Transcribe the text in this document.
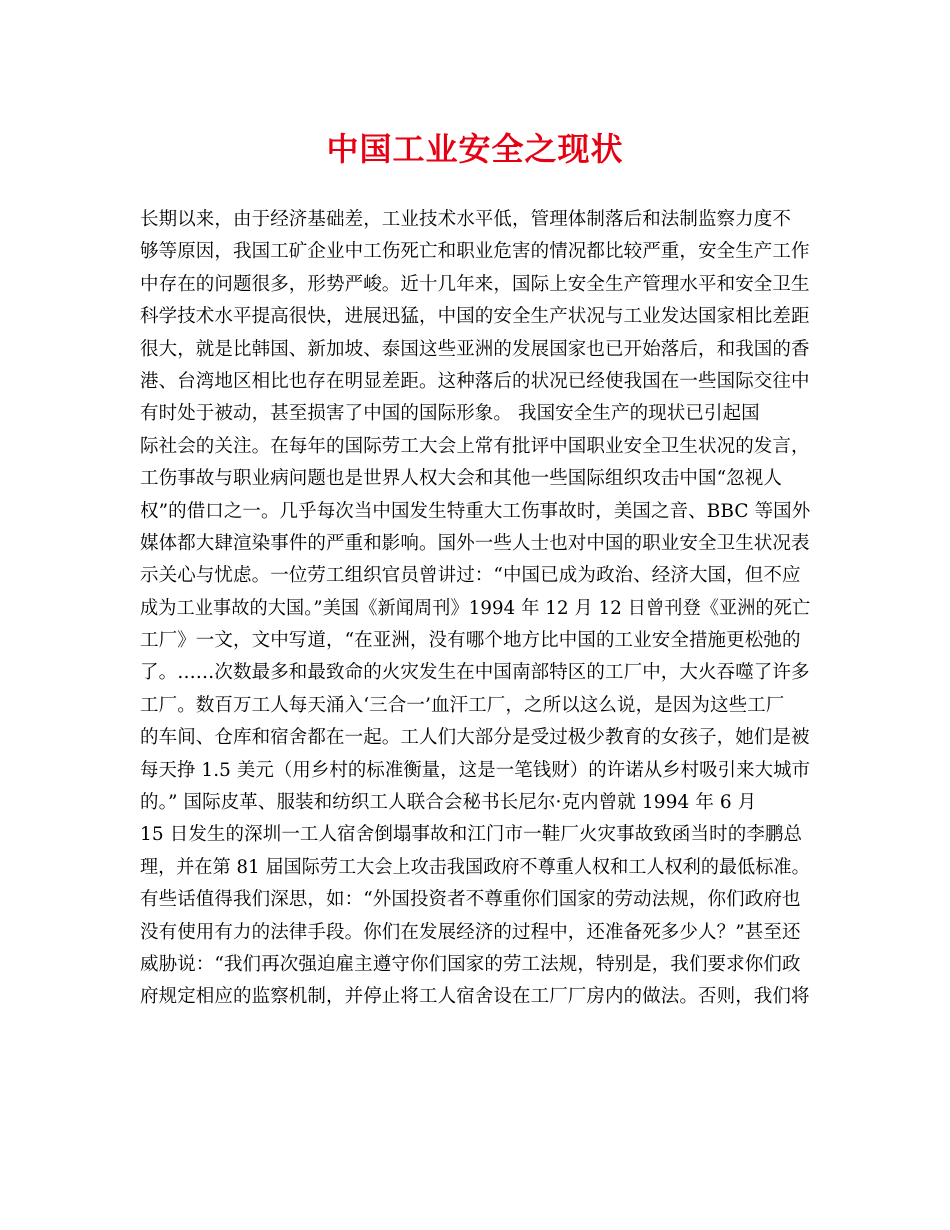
中国工业安全之现状
长期以来，由于经济基础差，工业技术水平低，管理体制落后和法制监察力度不
够等原因，我国工矿企业中工伤死亡和职业危害的情况都比较严重，安全生产工作
中存在的问题很多，形势严峻。近十几年来，国际上安全生产管理水平和安全卫生
科学技术水平提高很快，进展迅猛，中国的安全生产状况与工业发达国家相比差距
很大，就是比韩国、新加坡、泰国这些亚洲的发展国家也已开始落后，和我国的香
港、台湾地区相比也存在明显差距。这种落后的状况已经使我国在一些国际交往中
有时处于被动，甚至损害了中国的国际形象。 我国安全生产的现状已引起国
际社会的关注。在每年的国际劳工大会上常有批评中国职业安全卫生状况的发言，
工伤事故与职业病问题也是世界人权大会和其他一些国际组织攻击中国“忽视人
权”的借口之一。几乎每次当中国发生特重大工伤事故时，美国之音、BBC 等国外
媒体都大肆渲染事件的严重和影响。国外一些人士也对中国的职业安全卫生状况表
示关心与忧虑。一位劳工组织官员曾讲过：“中国已成为政治、经济大国，但不应
成为工业事故的大国。”美国《新闻周刊》1994 年 12 月 12 日曾刊登《亚洲的死亡
工厂》一文，文中写道，“在亚洲，没有哪个地方比中国的工业安全措施更松弛的
了。……次数最多和最致命的火灾发生在中国南部特区的工厂中，大火吞噬了许多
工厂。数百万工人每天涌入‘三合一’血汗工厂，之所以这么说，是因为这些工厂
的车间、仓库和宿舍都在一起。工人们大部分是受过极少教育的女孩子，她们是被
每天挣 1.5 美元（用乡村的标准衡量，这是一笔钱财）的许诺从乡村吸引来大城市
的。” 国际皮革、服装和纺织工人联合会秘书长尼尔·克内曾就 1994 年 6 月
15 日发生的深圳一工人宿舍倒塌事故和江门市一鞋厂火灾事故致函当时的李鹏总
理，并在第 81 届国际劳工大会上攻击我国政府不尊重人权和工人权利的最低标准。
有些话值得我们深思，如：“外国投资者不尊重你们国家的劳动法规，你们政府也
没有使用有力的法律手段。你们在发展经济的过程中，还准备死多少人？”甚至还
威胁说：“我们再次强迫雇主遵守你们国家的劳工法规，特别是，我们要求你们政
府规定相应的监察机制，并停止将工人宿舍设在工厂厂房内的做法。否则，我们将
